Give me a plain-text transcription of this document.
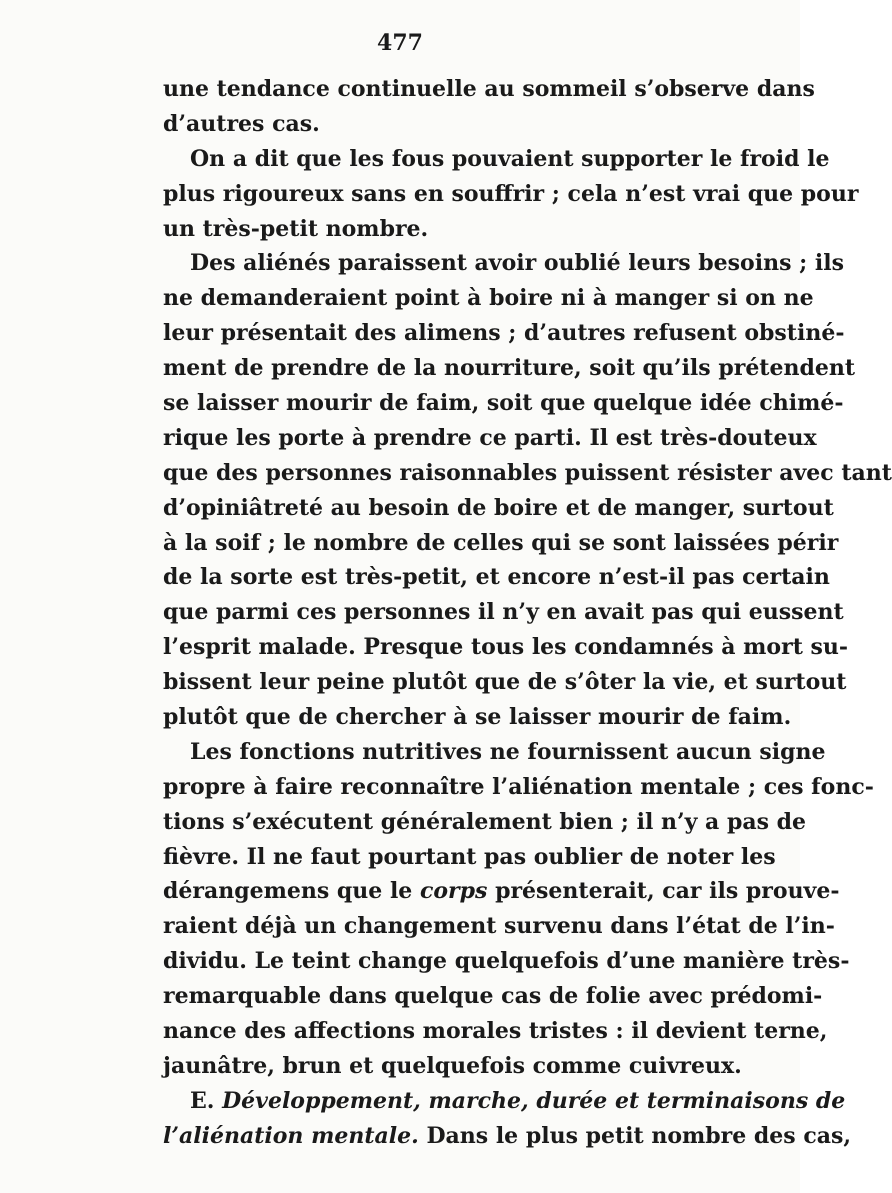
477
une tendance continuelle au sommeil s’observe dans
d’autres cas.
On a dit que les fous pouvaient supporter le froid le
plus rigoureux sans en souffrir ; cela n’est vrai que pour
un très-petit nombre.
Des aliénés paraissent avoir oublié leurs besoins ; ils
ne demanderaient point à boire ni à manger si on ne
leur présentait des alimens ; d’autres refusent obstiné-
ment de prendre de la nourriture, soit qu’ils prétendent
se laisser mourir de faim, soit que quelque idée chimé-
rique les porte à prendre ce parti. Il est très-douteux
que des personnes raisonnables puissent résister avec tant
d’opiniâtreté au besoin de boire et de manger, surtout
à la soif ; le nombre de celles qui se sont laissées périr
de la sorte est très-petit, et encore n’est-il pas certain
que parmi ces personnes il n’y en avait pas qui eussent
l’esprit malade. Presque tous les condamnés à mort su-
bissent leur peine plutôt que de s’ôter la vie, et surtout
plutôt que de chercher à se laisser mourir de faim.
Les fonctions nutritives ne fournissent aucun signe
propre à faire reconnaître l’aliénation mentale ; ces fonc-
tions s’exécutent généralement bien ; il n’y a pas de
fièvre. Il ne faut pourtant pas oublier de noter les
dérangemens que le corps présenterait, car ils prouve-
raient déjà un changement survenu dans l’état de l’in-
dividu. Le teint change quelquefois d’une manière très-
remarquable dans quelque cas de folie avec prédomi-
nance des affections morales tristes : il devient terne,
jaunâtre, brun et quelquefois comme cuivreux.
E. Développement, marche, durée et terminaisons de
l’aliénation mentale. Dans le plus petit nombre des cas,
